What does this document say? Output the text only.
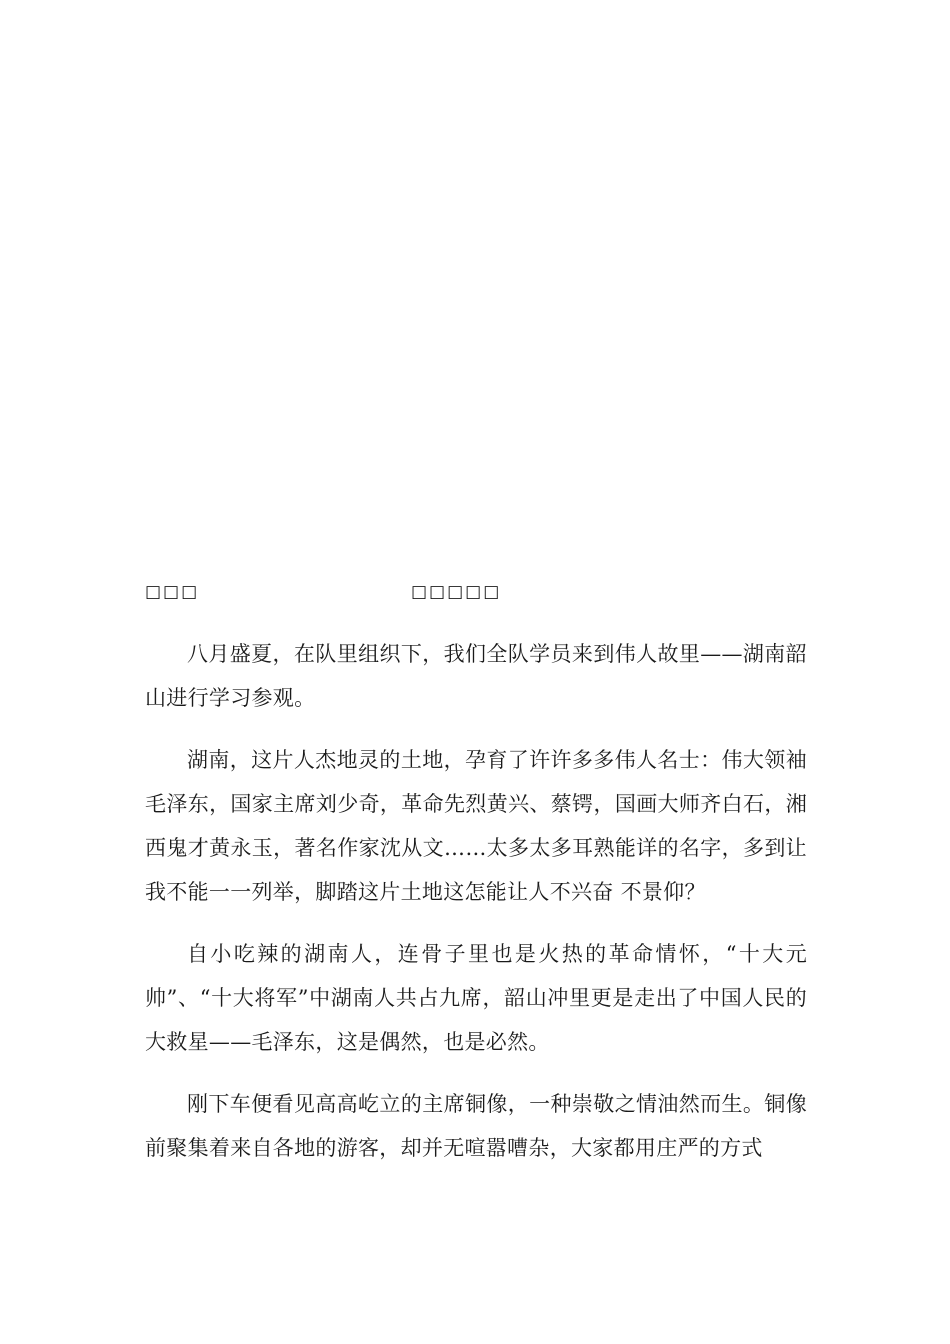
□□□	□□□□□

八月盛夏，在队里组织下，我们全队学员来到伟人故里——湖南韶山进行学习参观。

湖南，这片人杰地灵的土地，孕育了许许多多伟人名士：伟大领袖毛泽东，国家主席刘少奇，革命先烈黄兴、蔡锷，国画大师齐白石，湘西鬼才黄永玉，著名作家沈从文……太多太多耳熟能详的名字，多到让我不能一一列举，脚踏这片土地这怎能让人不兴奋 不景仰？

自小吃辣的湖南人，连骨子里也是火热的革命情怀，“十大元帅”、“十大将军”中湖南人共占九席，韶山冲里更是走出了中国人民的大救星——毛泽东，这是偶然，也是必然。

刚下车便看见高高屹立的主席铜像，一种崇敬之情油然而生。铜像前聚集着来自各地的游客，却并无喧嚣嘈杂，大家都用庄严的方式
